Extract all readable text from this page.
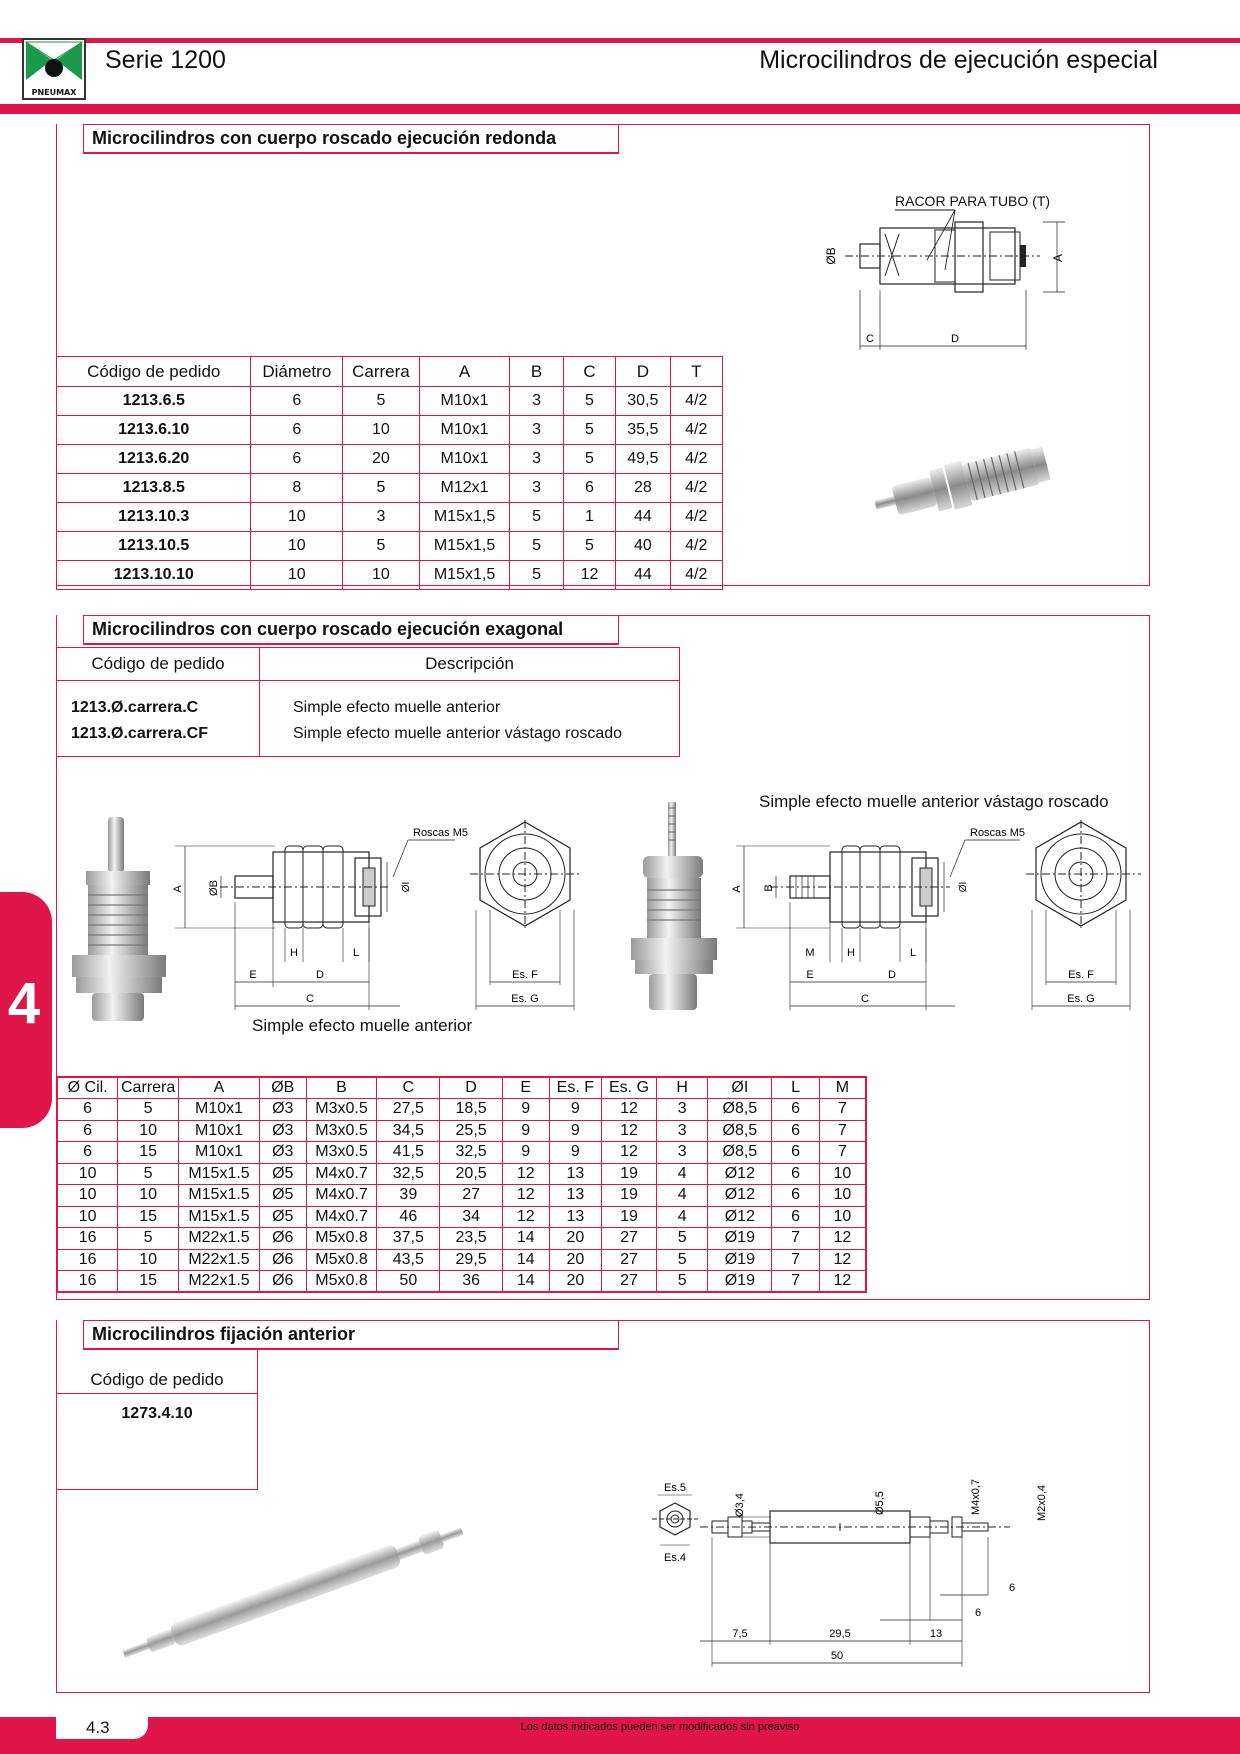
PNEUMAX
Serie 1200	Microcilindros de ejecución especial
4
Microcilindros con cuerpo roscado ejecución redonda
RACOR PARA TUBO (T)
ØB	A
C	D
Código de pedido	Diámetro	Carrera	A	B	C	D	T
1213.6.5	6	5	M10x1	3	5	30,5	4/2
1213.6.10	6	10	M10x1	3	5	35,5	4/2
1213.6.20	6	20	M10x1	3	5	49,5	4/2
1213.8.5	8	5	M12x1	3	6	28	4/2
1213.10.3	10	3	M15x1,5	5	1	44	4/2
1213.10.5	10	5	M15x1,5	5	5	40	4/2
1213.10.10	10	10	M15x1,5	5	12	44	4/2
Microcilindros con cuerpo roscado ejecución exagonal
Código de pedido	Descripción
1213.Ø.carrera.C	Simple efecto muelle anterior
1213.Ø.carrera.CF	Simple efecto muelle anterior vástago roscado
Simple efecto muelle anterior vástago roscado
Simple efecto muelle anterior
Roscas M5
A ØB	ØI
H	L
E	D
C
Es. F
Es. G
Roscas M5
A B	ØI
M	H	L
E	D
C
Es. F
Es. G
Ø Cil.	Carrera	A	ØB	B	C	D	E	Es. F	Es. G	H	ØI	L	M
6	5	M10x1	Ø3	M3x0.5	27,5	18,5	9	9	12	3	Ø8,5	6	7
6	10	M10x1	Ø3	M3x0.5	34,5	25,5	9	9	12	3	Ø8,5	6	7
6	15	M10x1	Ø3	M3x0.5	41,5	32,5	9	9	12	3	Ø8,5	6	7
10	5	M15x1.5	Ø5	M4x0.7	32,5	20,5	12	13	19	4	Ø12	6	10
10	10	M15x1.5	Ø5	M4x0.7	39	27	12	13	19	4	Ø12	6	10
10	15	M15x1.5	Ø5	M4x0.7	46	34	12	13	19	4	Ø12	6	10
16	5	M22x1.5	Ø6	M5x0.8	37,5	23,5	14	20	27	5	Ø19	7	12
16	10	M22x1.5	Ø6	M5x0.8	43,5	29,5	14	20	27	5	Ø19	7	12
16	15	M22x1.5	Ø6	M5x0.8	50	36	14	20	27	5	Ø19	7	12
Microcilindros fijación anterior
Código de pedido
1273.4.10
Es.5
Es.4
Ø3,4	Ø5,5	M4x0,7	M2x0,4
6
6
7,5	29,5	13
50
4.3	Los datos indicados pueden ser modificados sin preaviso
